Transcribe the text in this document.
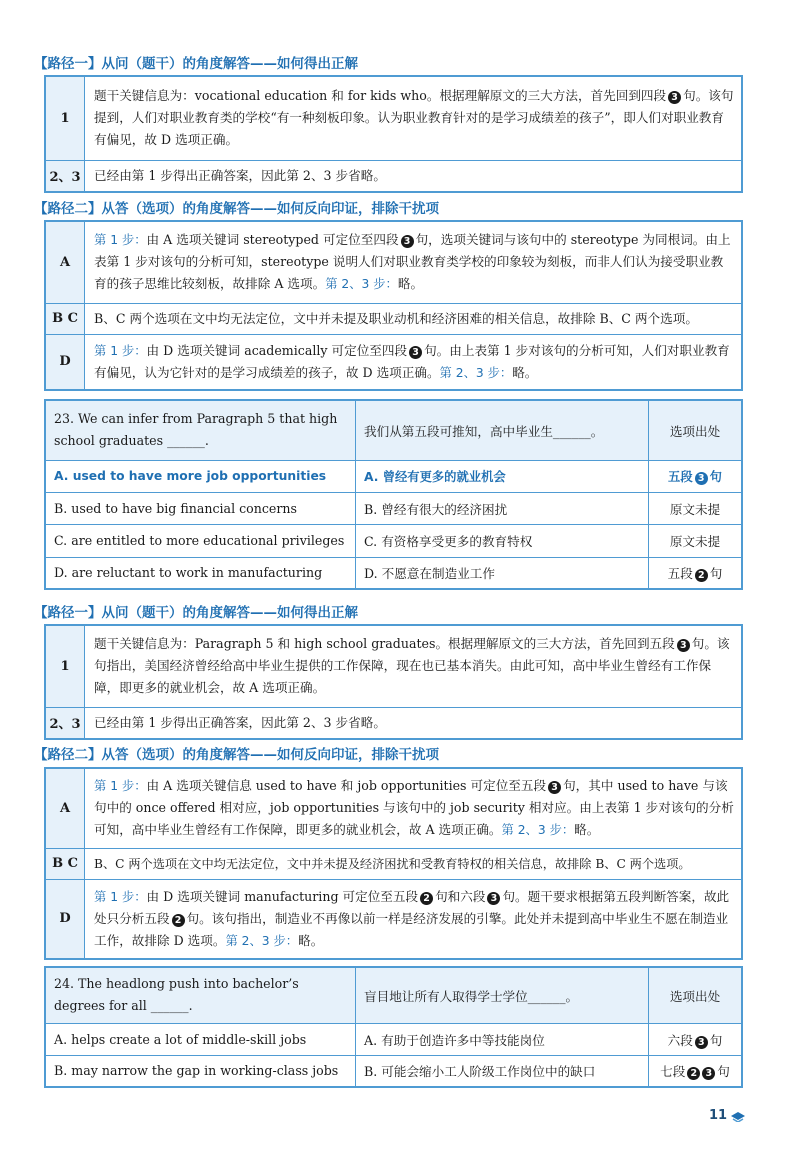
【路径一】从问（题干）的角度解答——如何得出正解
1	题干关键信息为：vocational education 和 for kids who。根据理解原文的三大方法，首先回到四段 3 句。该句提到，人们对职业教育类的学校“有一种刻板印象。认为职业教育针对的是学习成绩差的孩子”，即人们对职业教育有偏见，故 D 选项正确。
2、3	已经由第 1 步得出正确答案，因此第 2、3 步省略。
【路径二】从答（选项）的角度解答——如何反向印证，排除干扰项
A	第 1 步：由 A 选项关键词 stereotyped 可定位至四段 3 句，选项关键词与该句中的 stereotype 为同根词。由上表第 1 步对该句的分析可知，stereotype 说明人们对职业教育类学校的印象较为刻板，而非人们认为接受职业教育的孩子思维比较刻板，故排除 A 选项。第 2、3 步：略。
B C	B、C 两个选项在文中均无法定位，文中并未提及职业动机和经济困难的相关信息，故排除 B、C 两个选项。
D	第 1 步：由 D 选项关键词 academically 可定位至四段 3 句。由上表第 1 步对该句的分析可知，人们对职业教育有偏见，认为它针对的是学习成绩差的孩子，故 D 选项正确。第 2、3 步：略。
23. We can infer from Paragraph 5 that high school graduates ______.	我们从第五段可推知，高中毕业生______。	选项出处
A. used to have more job opportunities	A. 曾经有更多的就业机会	五段 3 句
B. used to have big financial concerns	B. 曾经有很大的经济困扰	原文未提
C. are entitled to more educational privileges	C. 有资格享受更多的教育特权	原文未提
D. are reluctant to work in manufacturing	D. 不愿意在制造业工作	五段 2 句
【路径一】从问（题干）的角度解答——如何得出正解
1	题干关键信息为：Paragraph 5 和 high school graduates。根据理解原文的三大方法，首先回到五段 3 句。该句指出，美国经济曾经给高中毕业生提供的工作保障，现在也已基本消失。由此可知，高中毕业生曾经有工作保障，即更多的就业机会，故 A 选项正确。
2、3	已经由第 1 步得出正确答案，因此第 2、3 步省略。
【路径二】从答（选项）的角度解答——如何反向印证，排除干扰项
A	第 1 步：由 A 选项关键信息 used to have 和 job opportunities 可定位至五段 3 句，其中 used to have 与该句中的 once offered 相对应，job opportunities 与该句中的 job security 相对应。由上表第 1 步对该句的分析可知，高中毕业生曾经有工作保障，即更多的就业机会，故 A 选项正确。第 2、3 步：略。
B C	B、C 两个选项在文中均无法定位，文中并未提及经济困扰和受教育特权的相关信息，故排除 B、C 两个选项。
D	第 1 步：由 D 选项关键词 manufacturing 可定位至五段 2 句和六段 3 句。题干要求根据第五段判断答案，故此处只分析五段 2 句。该句指出，制造业不再像以前一样是经济发展的引擎。此处并未提到高中毕业生不愿在制造业工作，故排除 D 选项。第 2、3 步：略。
24. The headlong push into bachelor’s degrees for all ______.	盲目地让所有人取得学士学位______。	选项出处
A. helps create a lot of middle-skill jobs	A. 有助于创造许多中等技能岗位	六段 3 句
B. may narrow the gap in working-class jobs	B. 可能会缩小工人阶级工作岗位中的缺口	七段 2 3 句
11
